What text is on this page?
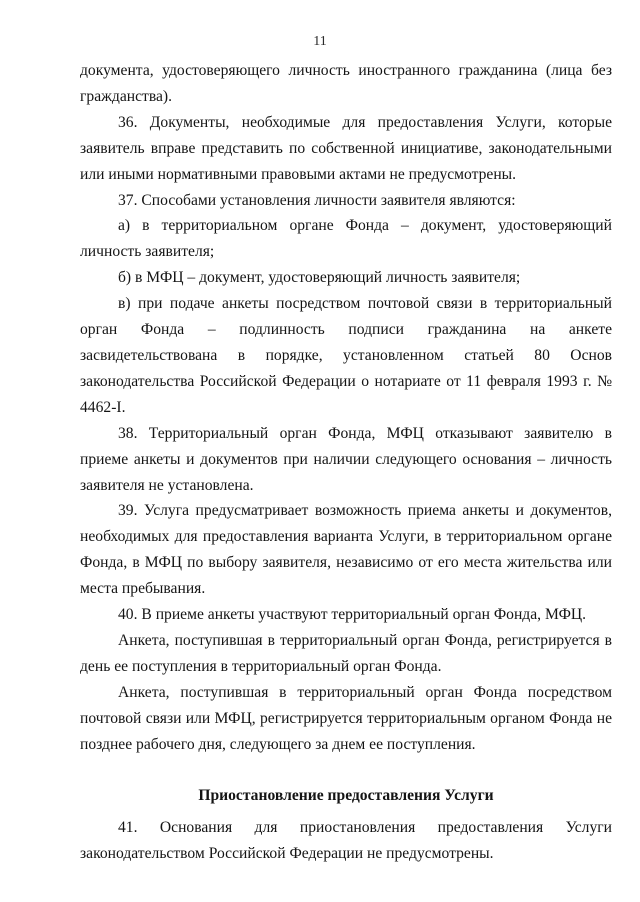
11

документа, удостоверяющего личность иностранного гражданина (лица без гражданства).

36. Документы, необходимые для предоставления Услуги, которые заявитель вправе представить по собственной инициативе, законодательными или иными нормативными правовыми актами не предусмотрены.

37. Способами установления личности заявителя являются:

а) в территориальном органе Фонда – документ, удостоверяющий личность заявителя;

б) в МФЦ – документ, удостоверяющий личность заявителя;

в) при подаче анкеты посредством почтовой связи в территориальный орган Фонда – подлинность подписи гражданина на анкете засвидетельствована в порядке, установленном статьей 80 Основ законодательства Российской Федерации о нотариате от 11 февраля 1993 г. № 4462-I.

38. Территориальный орган Фонда, МФЦ отказывают заявителю в приеме анкеты и документов при наличии следующего основания – личность заявителя не установлена.

39. Услуга предусматривает возможность приема анкеты и документов, необходимых для предоставления варианта Услуги, в территориальном органе Фонда, в МФЦ по выбору заявителя, независимо от его места жительства или места пребывания.

40. В приеме анкеты участвуют территориальный орган Фонда, МФЦ.

Анкета, поступившая в территориальный орган Фонда, регистрируется в день ее поступления в территориальный орган Фонда.

Анкета, поступившая в территориальный орган Фонда посредством почтовой связи или МФЦ, регистрируется территориальным органом Фонда не позднее рабочего дня, следующего за днем ее поступления.

Приостановление предоставления Услуги

41. Основания для приостановления предоставления Услуги законодательством Российской Федерации не предусмотрены.
